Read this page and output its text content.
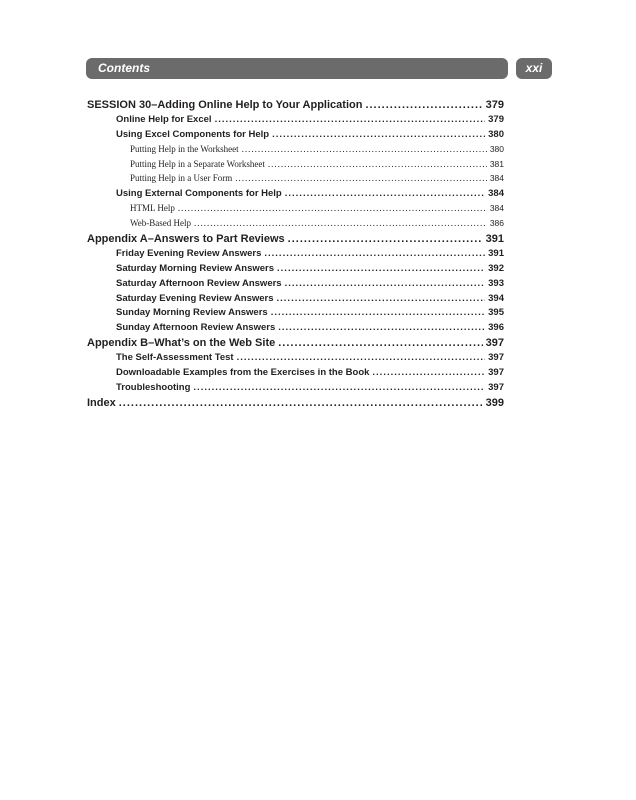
Contents	xxi
SESSION 30–Adding Online Help to Your Application .....	379
Online Help for Excel .....	379
Using Excel Components for Help .....	380
Putting Help in the Worksheet .....	380
Putting Help in a Separate Worksheet .....	381
Putting Help in a User Form .....	384
Using External Components for Help .....	384
HTML Help .....	384
Web-Based Help .....	386
Appendix A–Answers to Part Reviews .....	391
Friday Evening Review Answers .....	391
Saturday Morning Review Answers .....	392
Saturday Afternoon Review Answers .....	393
Saturday Evening Review Answers .....	394
Sunday Morning Review Answers .....	395
Sunday Afternoon Review Answers .....	396
Appendix B–What’s on the Web Site .....	397
The Self-Assessment Test .....	397
Downloadable Examples from the Exercises in the Book .....	397
Troubleshooting .....	397
Index .....	399
